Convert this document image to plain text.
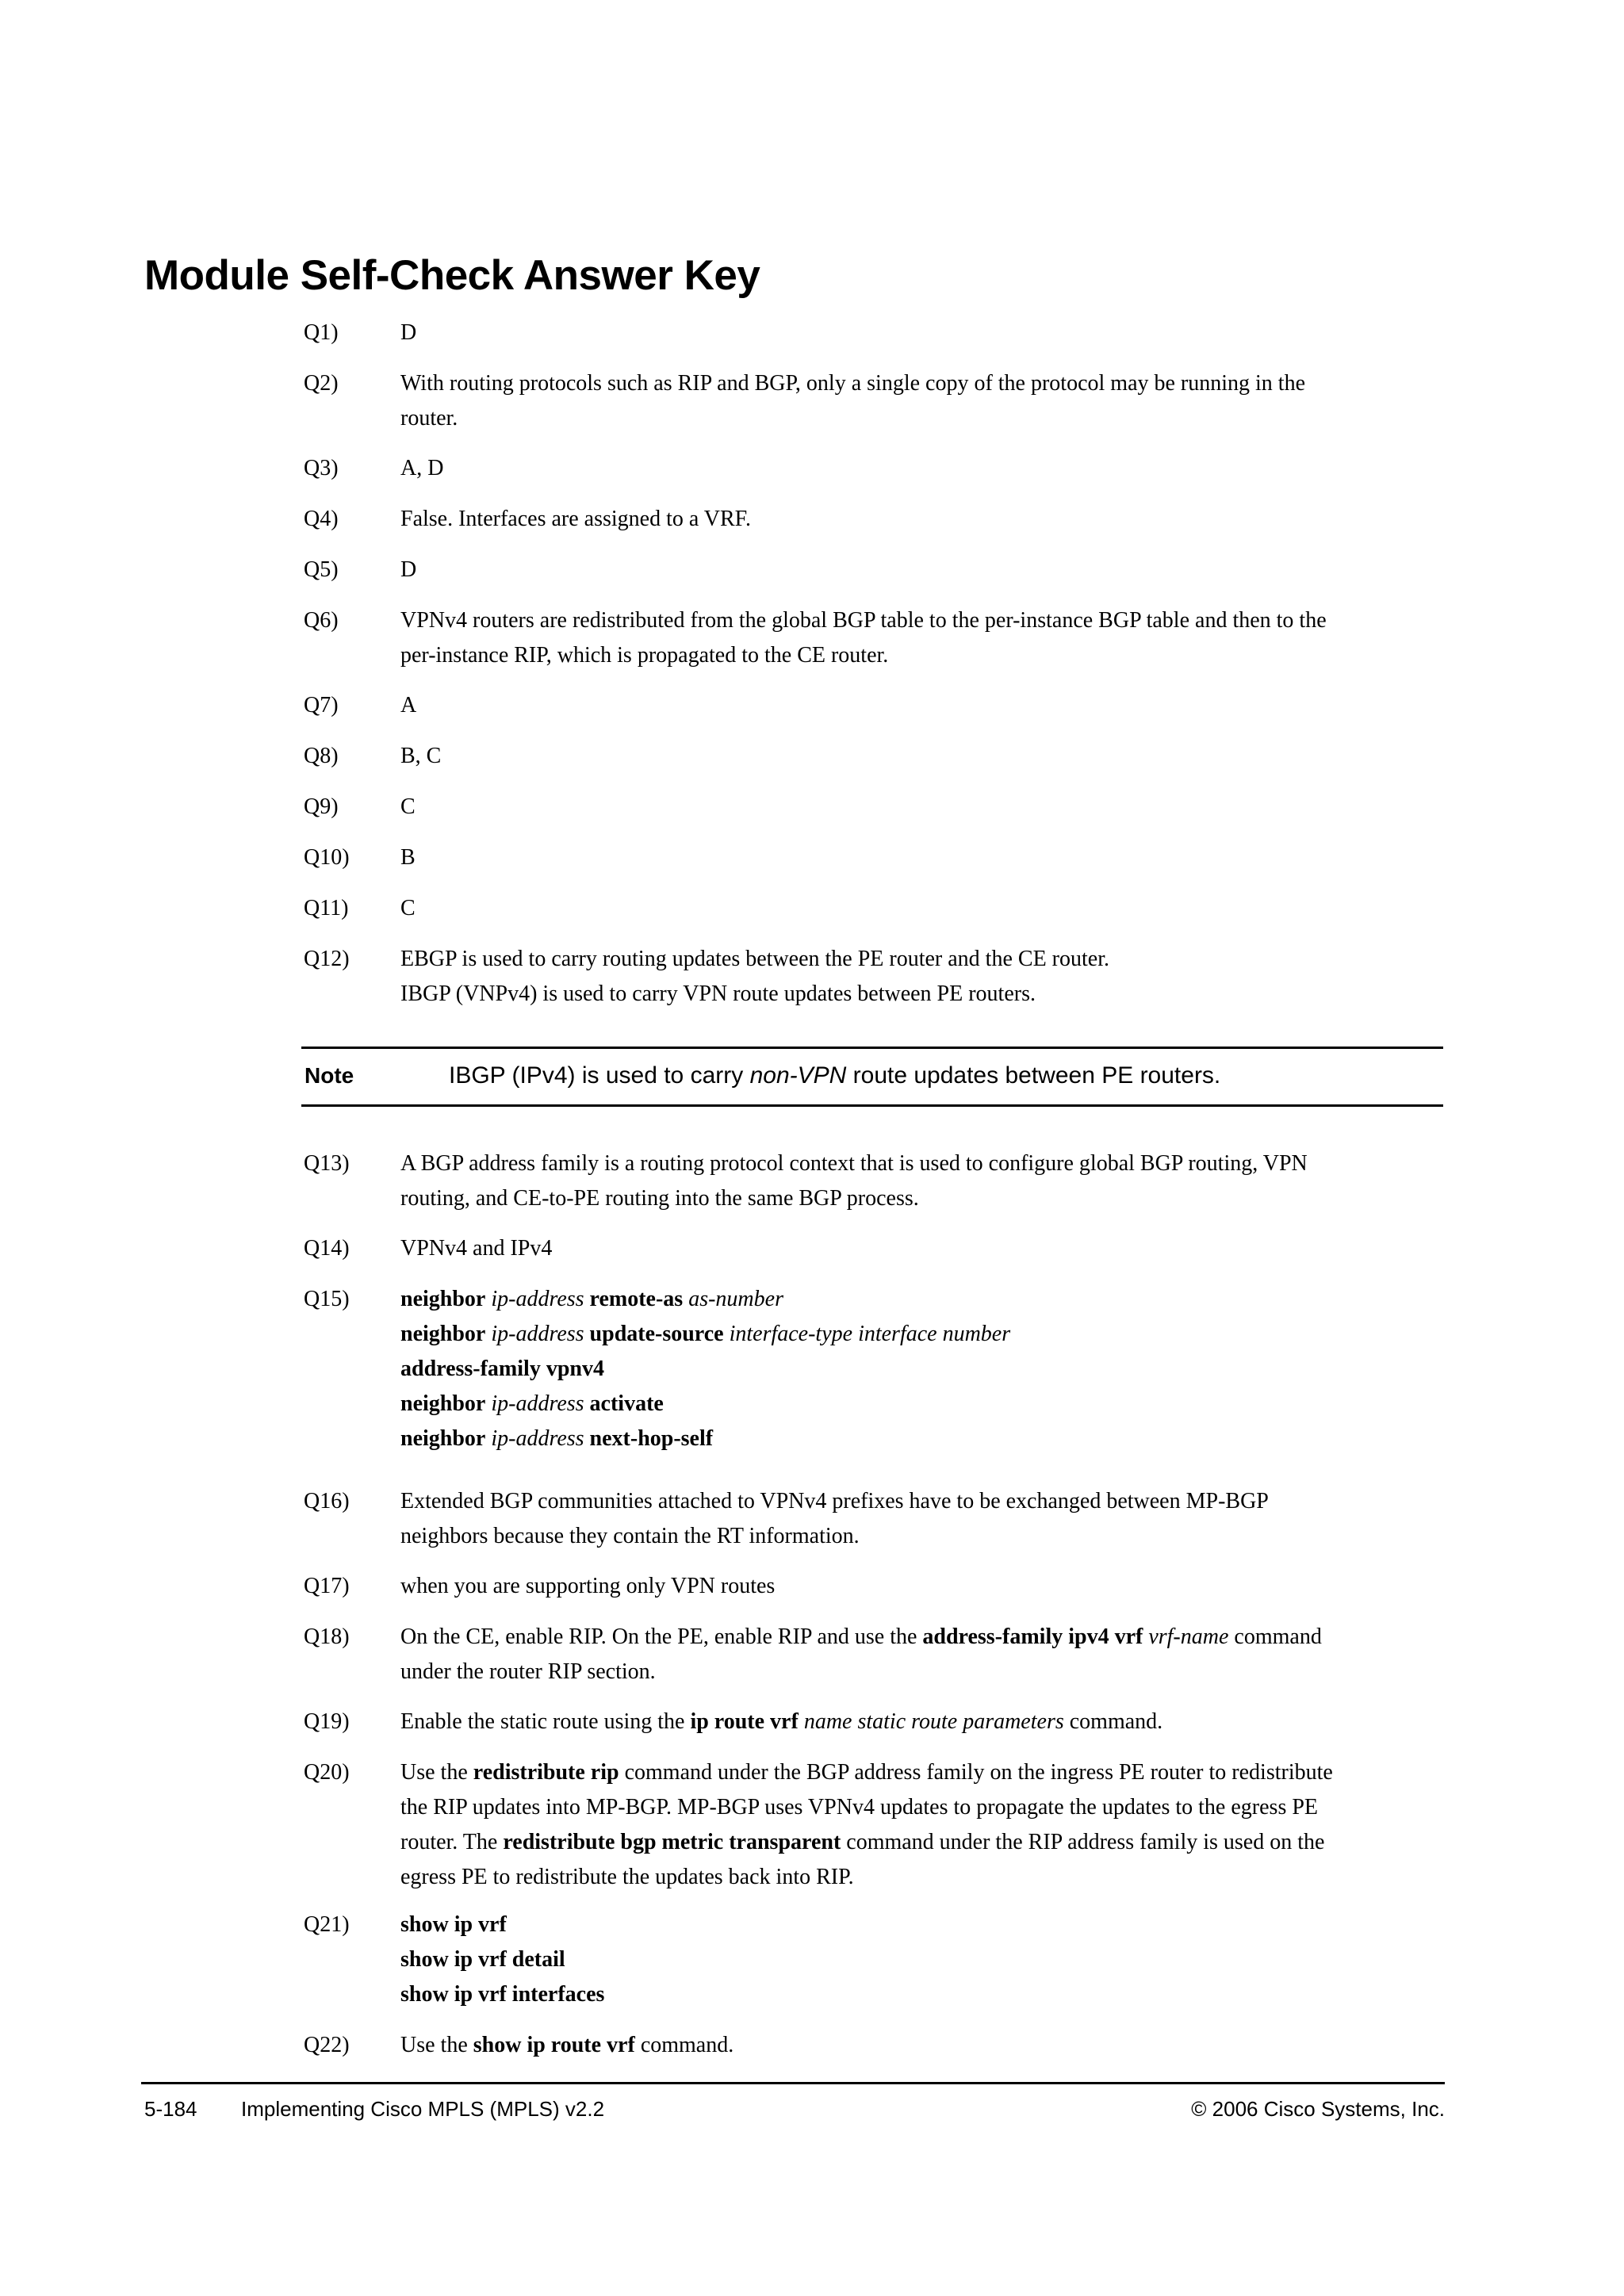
Module Self-Check Answer Key
Q1)	D
Q2)	With routing protocols such as RIP and BGP, only a single copy of the protocol may be running in the
router.
Q3)	A, D
Q4)	False. Interfaces are assigned to a VRF.
Q5)	D
Q6)	VPNv4 routers are redistributed from the global BGP table to the per-instance BGP table and then to the
per-instance RIP, which is propagated to the CE router.
Q7)	A
Q8)	B, C
Q9)	C
Q10) B
Q11) C
Q12) EBGP is used to carry routing updates between the PE router and the CE router.
IBGP (VNPv4) is used to carry VPN route updates between PE routers.
Q13) A BGP address family is a routing protocol context that is used to configure global BGP routing, VPN
routing, and CE-to-PE routing into the same BGP process.
Q14) VPNv4 and IPv4
Q15) neighbor ip-address remote-as as-number
neighbor ip-address update-source interface-type interface number
address-family vpnv4
neighbor ip-address activate
neighbor ip-address next-hop-self
Q16) Extended BGP communities attached to VPNv4 prefixes have to be exchanged between MP-BGP
neighbors because they contain the RT information.
Q17) when you are supporting only VPN routes
Q18) On the CE, enable RIP. On the PE, enable RIP and use the address-family ipv4 vrf vrf-name command
under the router RIP section.
Q19) Enable the static route using the ip route vrf name static route parameters command.
Q20) Use the redistribute rip command under the BGP address family on the ingress PE router to redistribute
the RIP updates into MP-BGP. MP-BGP uses VPNv4 updates to propagate the updates to the egress PE
router. The redistribute bgp metric transparent command under the RIP address family is used on the
egress PE to redistribute the updates back into RIP.
Q21) show ip vrf
show ip vrf detail
show ip vrf interfaces
Q22) Use the show ip route vrf command.
Note	IBGP (IPv4) is used to carry non-VPN route updates between PE routers.
5-184 Implementing Cisco MPLS (MPLS) v2.2	© 2006 Cisco Systems, Inc.
